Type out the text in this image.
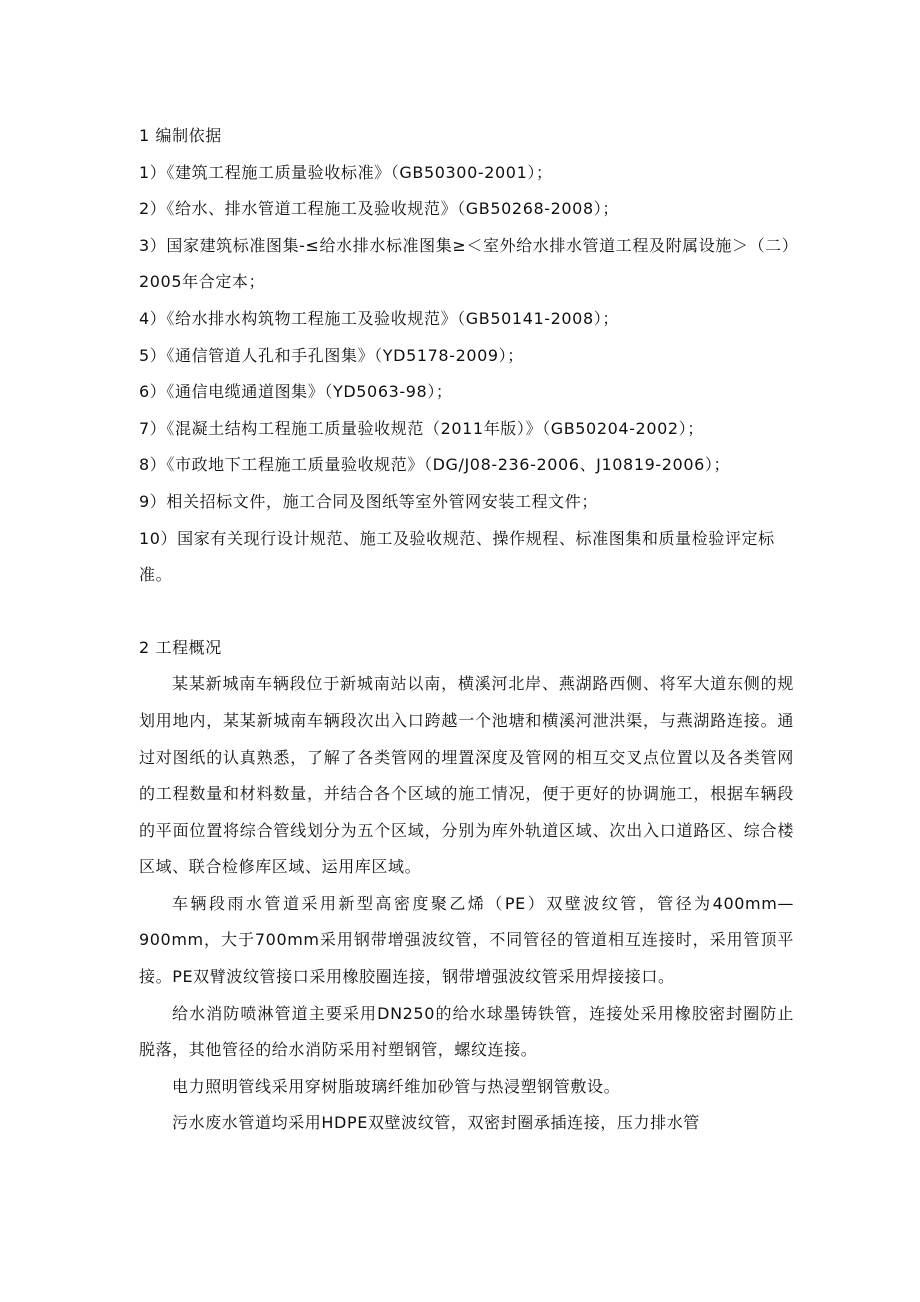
1 编制依据

1）《建筑工程施工质量验收标准》（GB50300-2001）；

2）《给水、排水管道工程施工及验收规范》（GB50268-2008）；

3）国家建筑标准图集-≤给水排水标准图集≥＜室外给水排水管道工程及附属设施＞（二）2005年合定本；

4）《给水排水构筑物工程施工及验收规范》（GB50141-2008）；

5）《通信管道人孔和手孔图集》（YD5178-2009）；

6）《通信电缆通道图集》（YD5063-98）；

7）《混凝土结构工程施工质量验收规范（2011年版）》（GB50204-2002）；

8）《市政地下工程施工质量验收规范》（DG/J08-236-2006、J10819-2006）；

9）相关招标文件，施工合同及图纸等室外管网安装工程文件；

10）国家有关现行设计规范、施工及验收规范、操作规程、标准图集和质量检验评定标准。

2 工程概况

某某新城南车辆段位于新城南站以南，横溪河北岸、燕湖路西侧、将军大道东侧的规划用地内，某某新城南车辆段次出入口跨越一个池塘和横溪河泄洪渠，与燕湖路连接。通过对图纸的认真熟悉，了解了各类管网的埋置深度及管网的相互交叉点位置以及各类管网的工程数量和材料数量，并结合各个区域的施工情况，便于更好的协调施工，根据车辆段的平面位置将综合管线划分为五个区域，分别为库外轨道区域、次出入口道路区、综合楼区域、联合检修库区域、运用库区域。

车辆段雨水管道采用新型高密度聚乙烯（PE）双壁波纹管，管径为400mm—900mm，大于700mm采用钢带增强波纹管，不同管径的管道相互连接时，采用管顶平接。PE双臂波纹管接口采用橡胶圈连接，钢带增强波纹管采用焊接接口。

给水消防喷淋管道主要采用DN250的给水球墨铸铁管，连接处采用橡胶密封圈防止脱落，其他管径的给水消防采用衬塑钢管，螺纹连接。

电力照明管线采用穿树脂玻璃纤维加砂管与热浸塑钢管敷设。

污水废水管道均采用HDPE双壁波纹管，双密封圈承插连接，压力排水管
